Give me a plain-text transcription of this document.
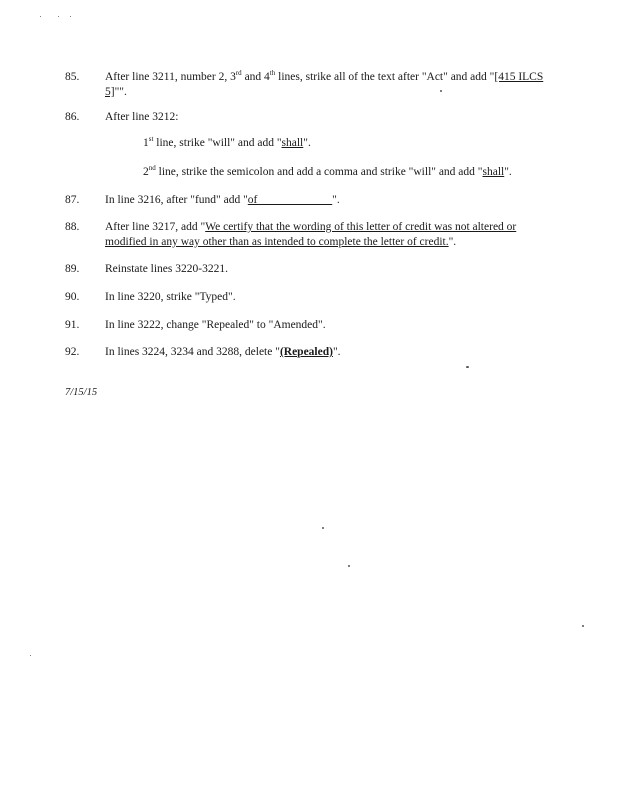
85.	After line 3211, number 2, 3rd and 4th lines, strike all of the text after "Act" and add "[415 ILCS 5]"".
86.	After line 3212:
1st line, strike "will" and add "shall".
2nd line, strike the semicolon and add a comma and strike "will" and add "shall".
87.	In line 3216, after "fund" add "of_____________".
88.	After line 3217, add "We certify that the wording of this letter of credit was not altered or modified in any way other than as intended to complete the letter of credit.".
89.	Reinstate lines 3220-3221.
90.	In line 3220, strike "Typed".
91.	In line 3222, change "Repealed" to "Amended".
92.	In lines 3224, 3234 and 3288, delete "(Repealed)".
7/15/15
